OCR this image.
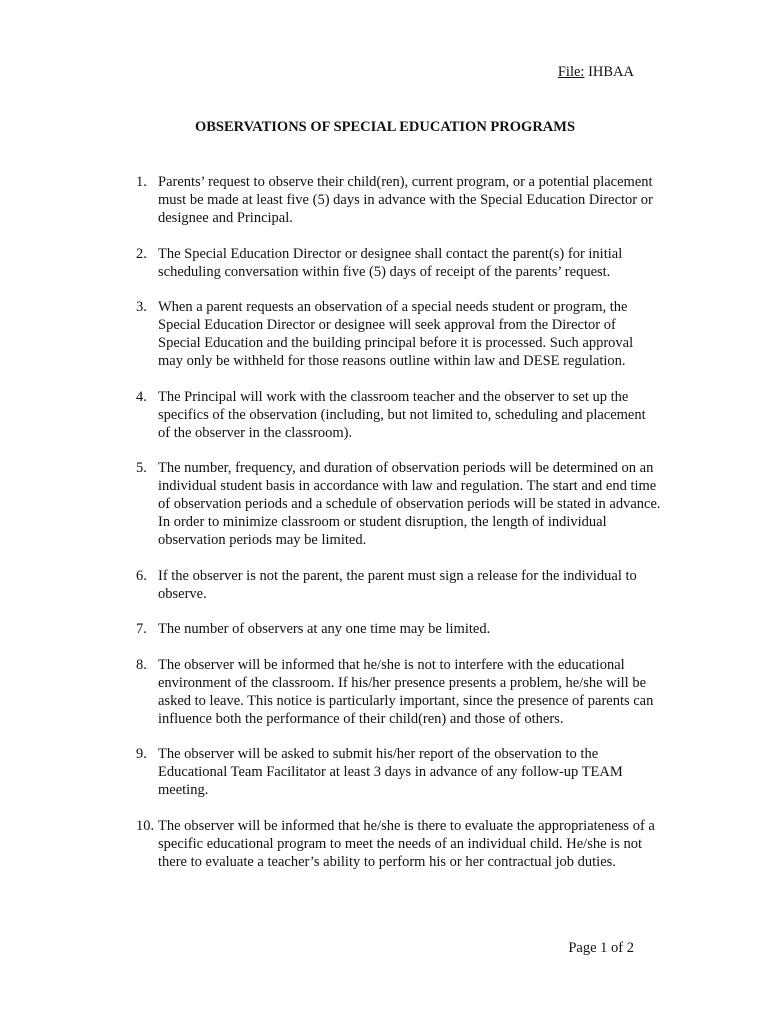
File: IHBAA
OBSERVATIONS OF SPECIAL EDUCATION PROGRAMS
1. Parents’ request to observe their child(ren), current program, or a potential placement must be made at least five (5) days in advance with the Special Education Director or designee and Principal.
2. The Special Education Director or designee shall contact the parent(s) for initial scheduling conversation within five (5) days of receipt of the parents’ request.
3. When a parent requests an observation of a special needs student or program, the Special Education Director or designee will seek approval from the Director of Special Education and the building principal before it is processed. Such approval may only be withheld for those reasons outline within law and DESE regulation.
4. The Principal will work with the classroom teacher and the observer to set up the specifics of the observation (including, but not limited to, scheduling and placement of the observer in the classroom).
5. The number, frequency, and duration of observation periods will be determined on an individual student basis in accordance with law and regulation. The start and end time of observation periods and a schedule of observation periods will be stated in advance. In order to minimize classroom or student disruption, the length of individual observation periods may be limited.
6. If the observer is not the parent, the parent must sign a release for the individual to observe.
7. The number of observers at any one time may be limited.
8. The observer will be informed that he/she is not to interfere with the educational environment of the classroom. If his/her presence presents a problem, he/she will be asked to leave. This notice is particularly important, since the presence of parents can influence both the performance of their child(ren) and those of others.
9. The observer will be asked to submit his/her report of the observation to the Educational Team Facilitator at least 3 days in advance of any follow-up TEAM meeting.
10. The observer will be informed that he/she is there to evaluate the appropriateness of a specific educational program to meet the needs of an individual child. He/she is not there to evaluate a teacher’s ability to perform his or her contractual job duties.
Page 1 of 2
